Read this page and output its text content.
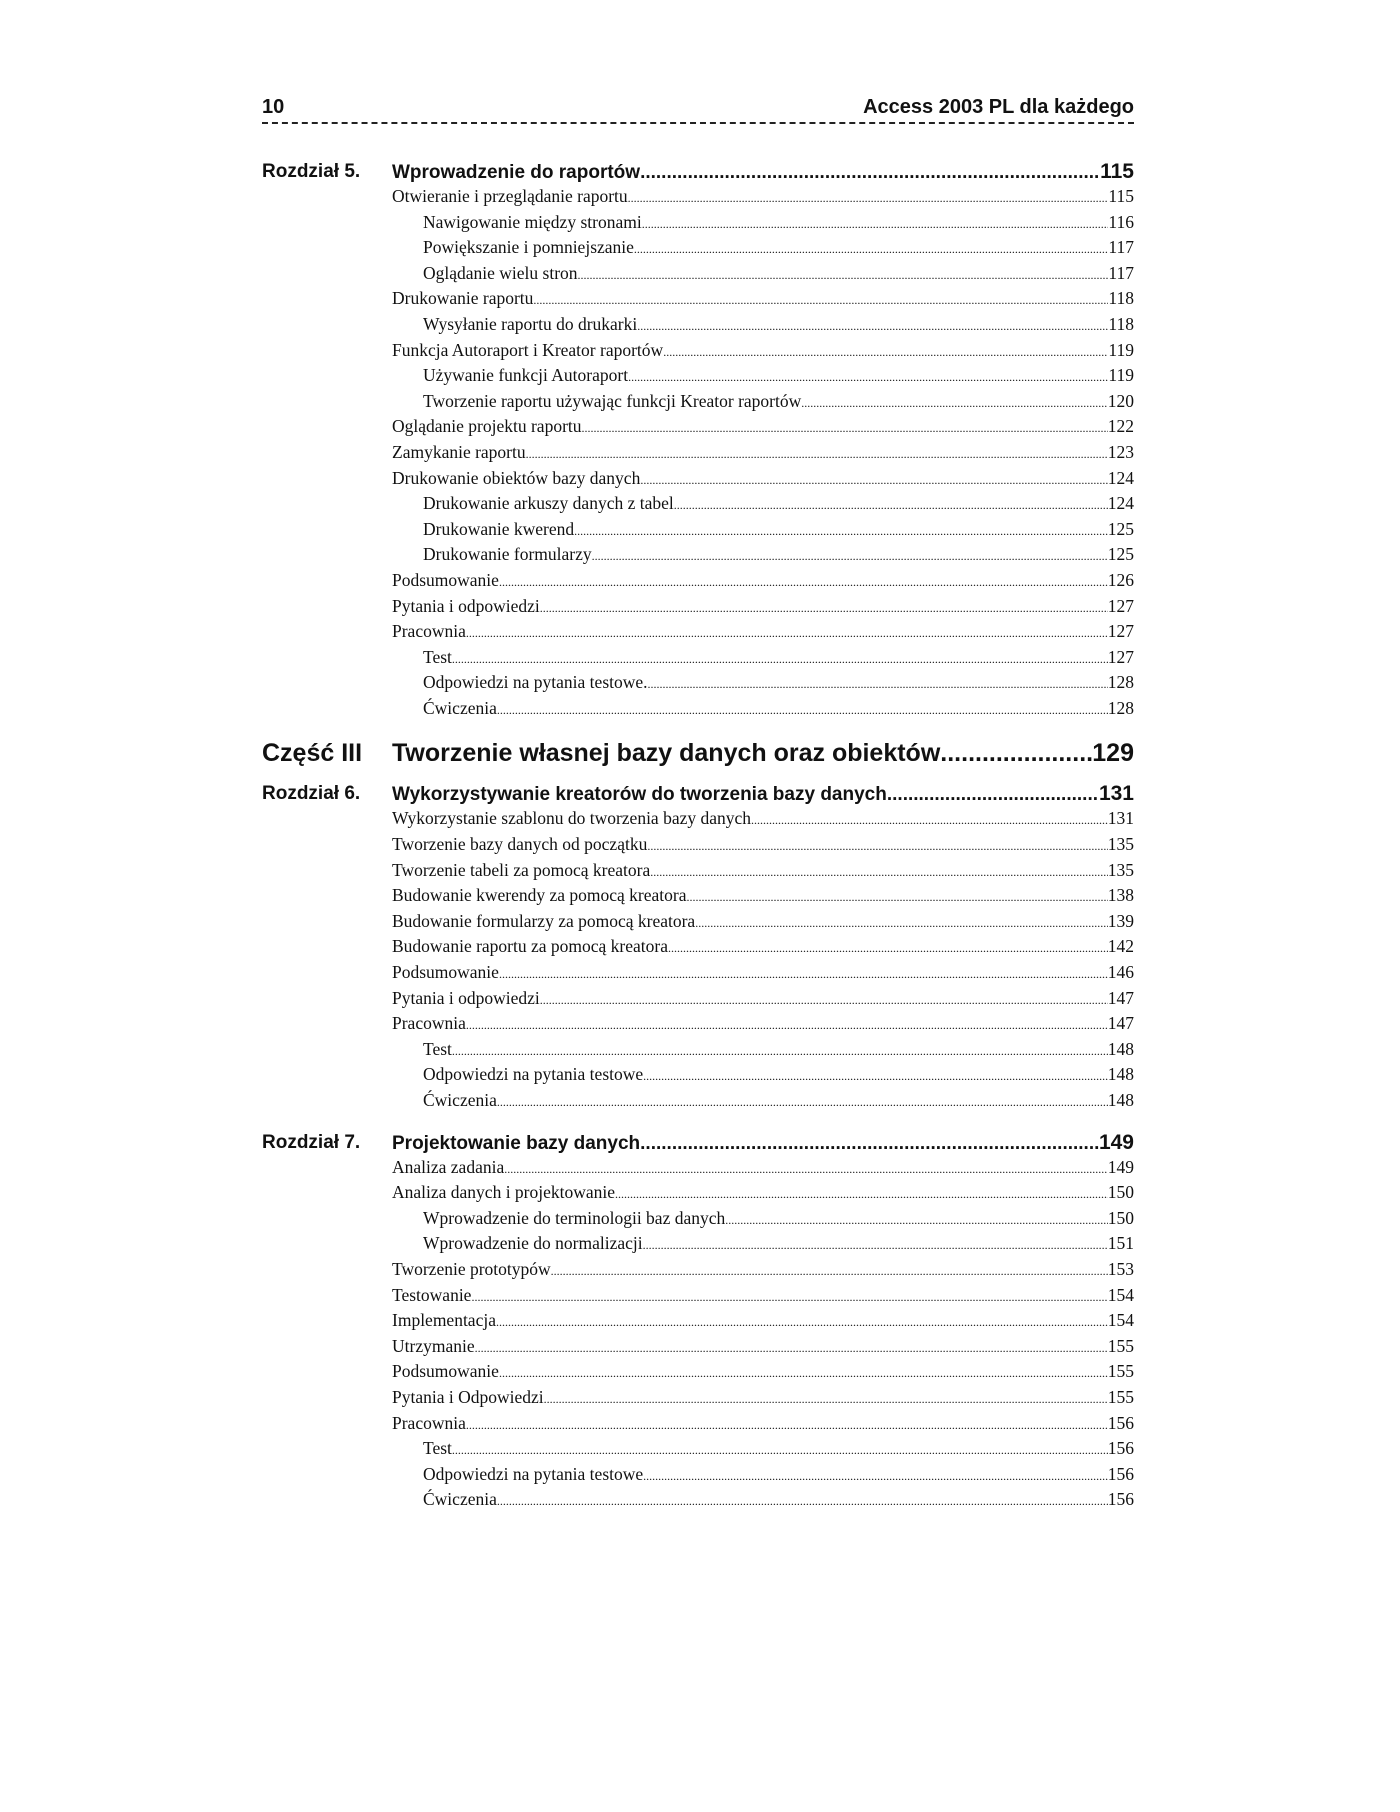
10	Access 2003 PL dla każdego
Rozdział 5.	Wprowadzenie do raportów .....	115
Otwieranie i przeglądanie raportu .....	115
Nawigowanie między stronami .....	116
Powiększanie i pomniejszanie .....	117
Oglądanie wielu stron .....	117
Drukowanie raportu .....	118
Wysyłanie raportu do drukarki .....	118
Funkcja Autoraport i Kreator raportów .....	119
Używanie funkcji Autoraport .....	119
Tworzenie raportu używając funkcji Kreator raportów .....	120
Oglądanie projektu raportu .....	122
Zamykanie raportu .....	123
Drukowanie obiektów bazy danych .....	124
Drukowanie arkuszy danych z tabel .....	124
Drukowanie kwerend .....	125
Drukowanie formularzy .....	125
Podsumowanie .....	126
Pytania i odpowiedzi .....	127
Pracownia .....	127
Test .....	127
Odpowiedzi na pytania testowe. .....	128
Ćwiczenia .....	128
Część III	Tworzenie własnej bazy danych oraz obiektów .....	129
Rozdział 6.	Wykorzystywanie kreatorów do tworzenia bazy danych .....	131
Wykorzystanie szablonu do tworzenia bazy danych .....	131
Tworzenie bazy danych od początku .....	135
Tworzenie tabeli za pomocą kreatora .....	135
Budowanie kwerendy za pomocą kreatora .....	138
Budowanie formularzy za pomocą kreatora .....	139
Budowanie raportu za pomocą kreatora .....	142
Podsumowanie .....	146
Pytania i odpowiedzi .....	147
Pracownia .....	147
Test .....	148
Odpowiedzi na pytania testowe .....	148
Ćwiczenia .....	148
Rozdział 7.	Projektowanie bazy danych .....	149
Analiza zadania .....	149
Analiza danych i projektowanie .....	150
Wprowadzenie do terminologii baz danych .....	150
Wprowadzenie do normalizacji .....	151
Tworzenie prototypów .....	153
Testowanie .....	154
Implementacja .....	154
Utrzymanie .....	155
Podsumowanie .....	155
Pytania i Odpowiedzi .....	155
Pracownia .....	156
Test .....	156
Odpowiedzi na pytania testowe .....	156
Ćwiczenia .....	156
